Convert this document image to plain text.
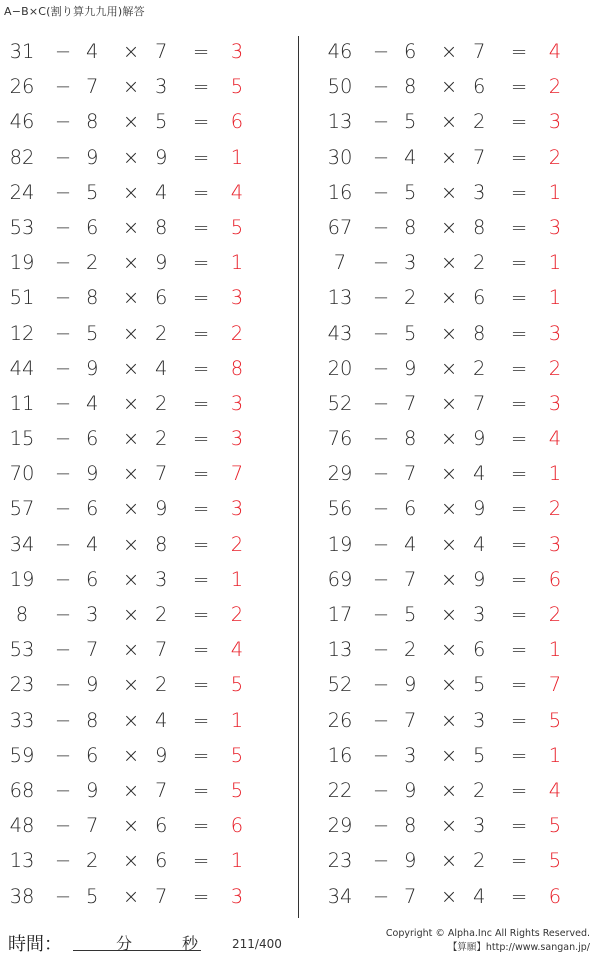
A−B×C(割り算九九用)解答
31	− 4 × 7 = 3
26	− 7 × 3 = 5
46	− 8 × 5 = 6
82	− 9 × 9 = 1
24	− 5 × 4 = 4
53	− 6 × 8 = 5
19	− 2 × 9 = 1
51	− 8 × 6 = 3
12	− 5 × 2 = 2
44	− 9 × 4 = 8
11	− 4 × 2 = 3
15	− 6 × 2 = 3
70	− 9 × 7 = 7
57	− 6 × 9 = 3
34	− 4 × 8 = 2
19	− 6 × 3 = 1
8	− 3 × 2 = 2
53	− 7 × 7 = 4
23	− 9 × 2 = 5
33	− 8 × 4 = 1
59	− 6 × 9 = 5
68	− 9 × 7 = 5
48	− 7 × 6 = 6
13	− 2 × 6 = 1
38	− 5 × 7 = 3
46	− 6 × 7 = 4
50	− 8 × 6 = 2
13	− 5 × 2 = 3
30	− 4 × 7 = 2
16	− 5 × 3 = 1
67	− 8 × 8 = 3
7	− 3 × 2 = 1
13	− 2 × 6 = 1
43	− 5 × 8 = 3
20	− 9 × 2 = 2
52	− 7 × 7 = 3
76	− 8 × 9 = 4
29	− 7 × 4 = 1
56	− 6 × 9 = 2
19	− 4 × 4 = 3
69	− 7 × 9 = 6
17	− 5 × 3 = 2
13	− 2 × 6 = 1
52	− 9 × 5 = 7
26	− 7 × 3 = 5
16	− 3 × 5 = 1
22	− 9 × 2 = 4
29	− 8 × 3 = 5
23	− 9 × 2 = 5
34	− 7 × 4 = 6
時間：	分	秒	211/400
Copyright © Alpha.Inc All Rights Reserved.
【算願】http://www.sangan.jp/
